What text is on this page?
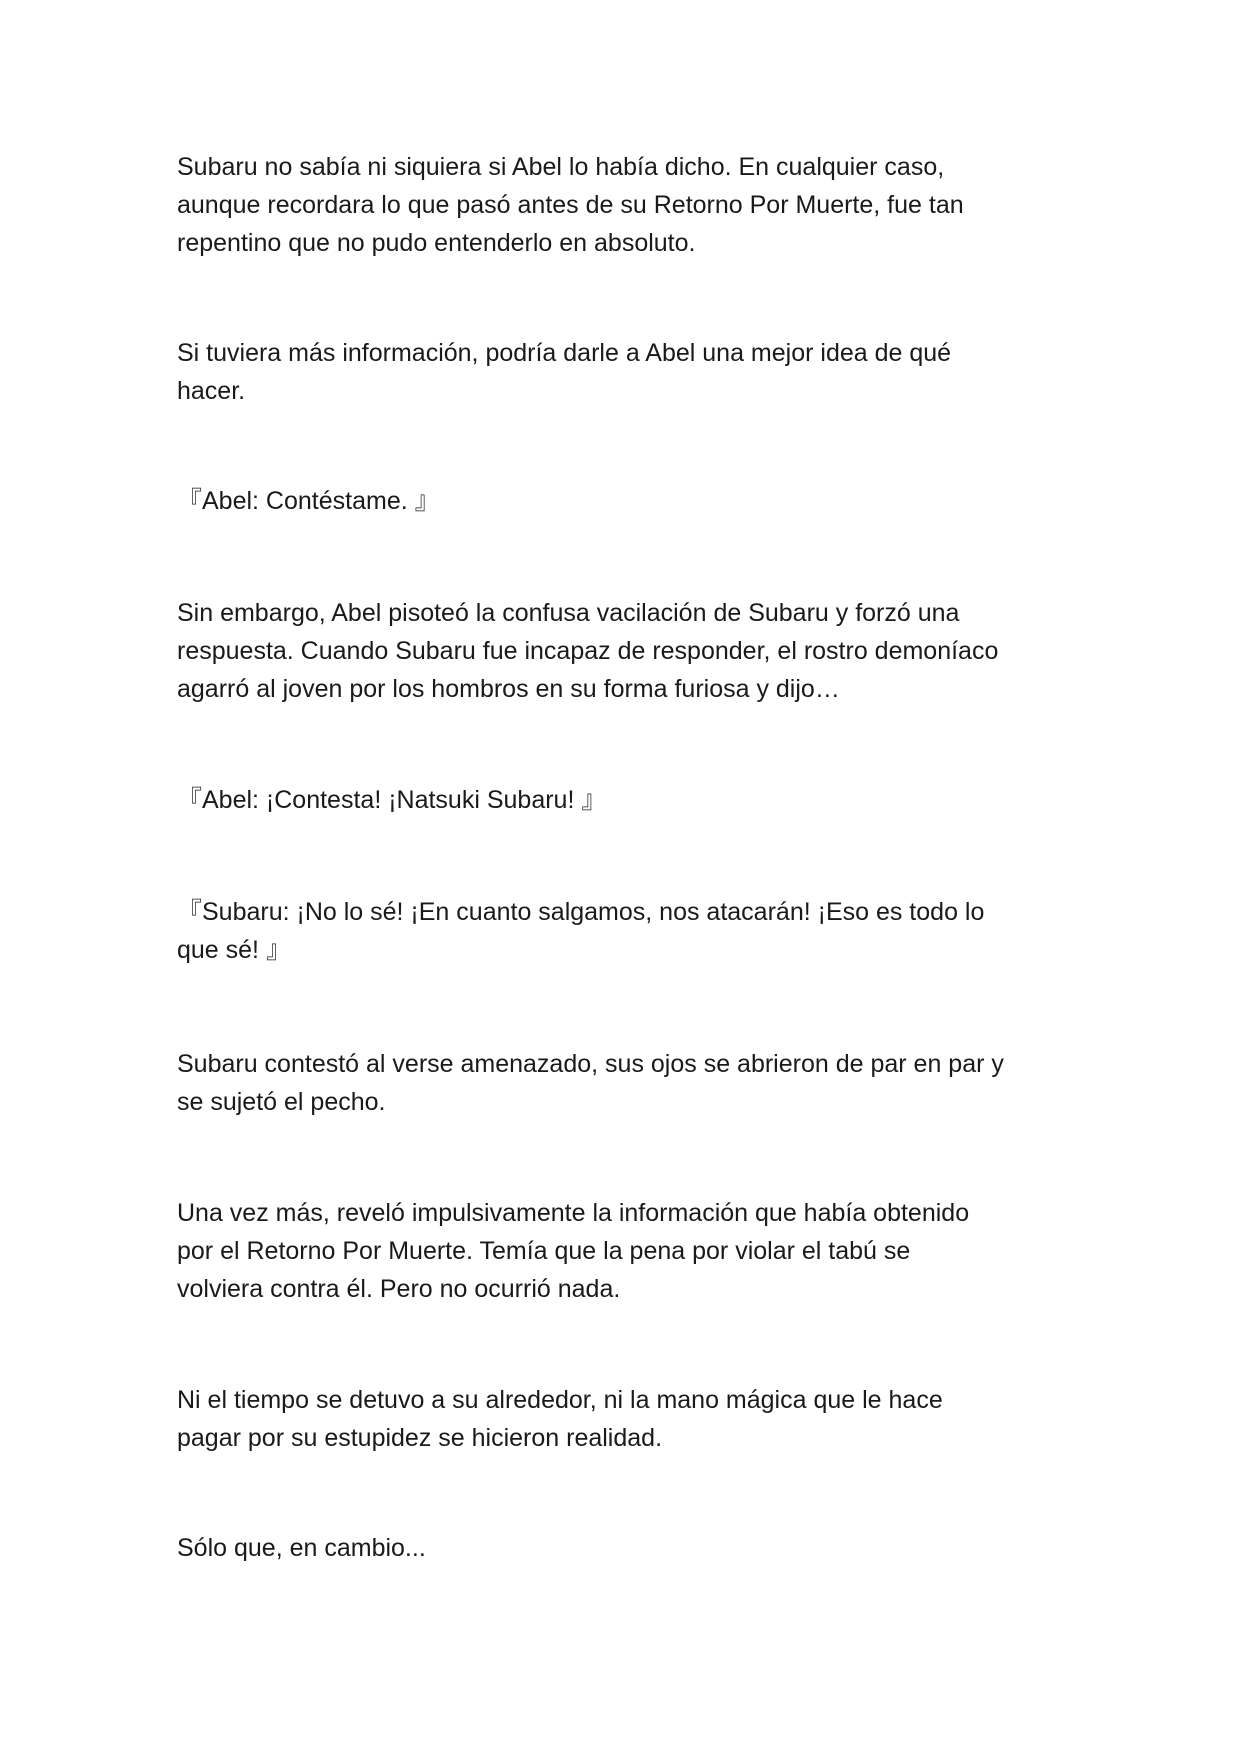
Subaru no sabía ni siquiera si Abel lo había dicho. En cualquier caso,
aunque recordara lo que pasó antes de su Retorno Por Muerte, fue tan
repentino que no pudo entenderlo en absoluto.

Si tuviera más información, podría darle a Abel una mejor idea de qué
hacer.

『Abel: Contéstame. 』

Sin embargo, Abel pisoteó la confusa vacilación de Subaru y forzó una
respuesta. Cuando Subaru fue incapaz de responder, el rostro demoníaco
agarró al joven por los hombros en su forma furiosa y dijo…

『Abel: ¡Contesta! ¡Natsuki Subaru! 』

『Subaru: ¡No lo sé! ¡En cuanto salgamos, nos atacarán! ¡Eso es todo lo
que sé! 』

Subaru contestó al verse amenazado, sus ojos se abrieron de par en par y
se sujetó el pecho.

Una vez más, reveló impulsivamente la información que había obtenido
por el Retorno Por Muerte. Temía que la pena por violar el tabú se
volviera contra él. Pero no ocurrió nada.

Ni el tiempo se detuvo a su alrededor, ni la mano mágica que le hace
pagar por su estupidez se hicieron realidad.

Sólo que, en cambio...
